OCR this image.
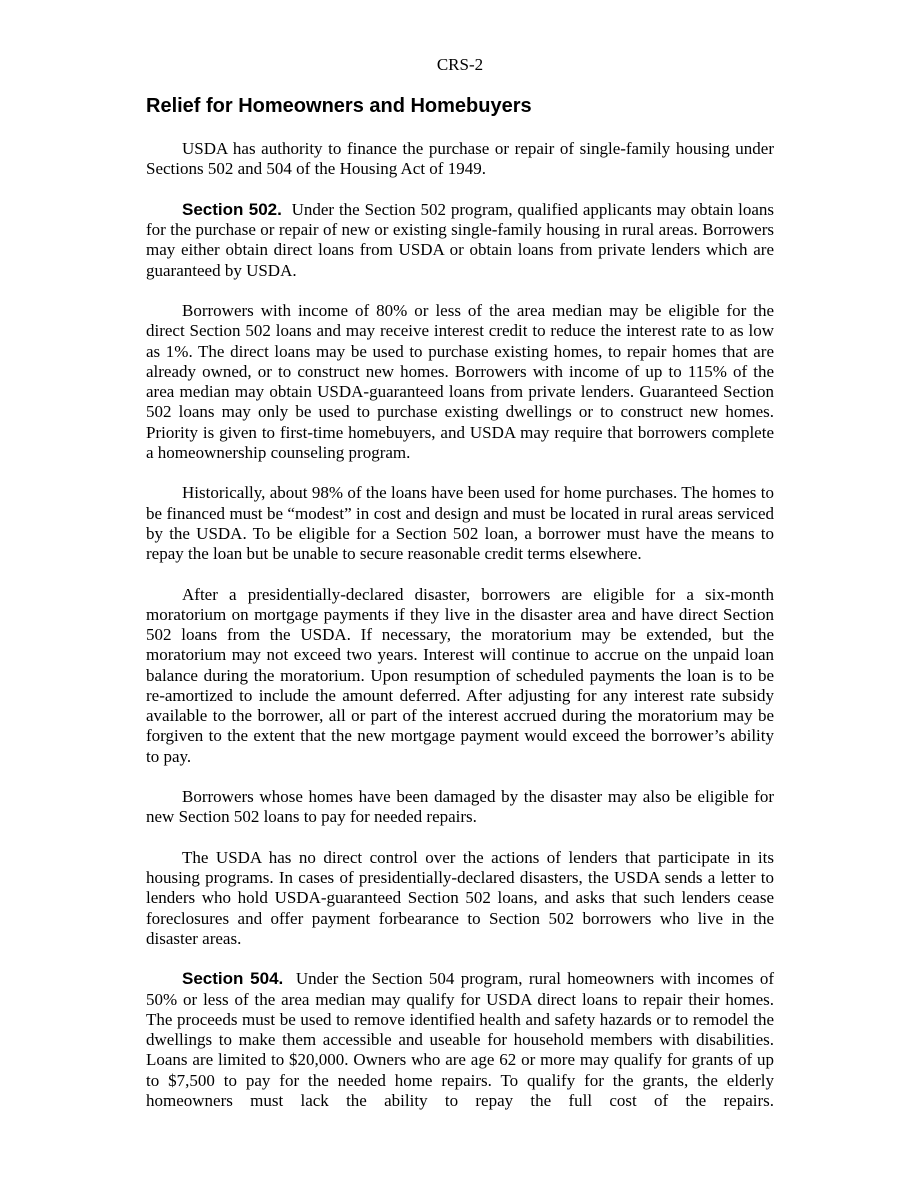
CRS-2
Relief for Homeowners and Homebuyers

USDA has authority to finance the purchase or repair of single-family housing under Sections 502 and 504 of the Housing Act of 1949.

Section 502. Under the Section 502 program, qualified applicants may obtain loans for the purchase or repair of new or existing single-family housing in rural areas. Borrowers may either obtain direct loans from USDA or obtain loans from private lenders which are guaranteed by USDA.

Borrowers with income of 80% or less of the area median may be eligible for the direct Section 502 loans and may receive interest credit to reduce the interest rate to as low as 1%. The direct loans may be used to purchase existing homes, to repair homes that are already owned, or to construct new homes. Borrowers with income of up to 115% of the area median may obtain USDA-guaranteed loans from private lenders. Guaranteed Section 502 loans may only be used to purchase existing dwellings or to construct new homes. Priority is given to first-time homebuyers, and USDA may require that borrowers complete a homeownership counseling program.

Historically, about 98% of the loans have been used for home purchases. The homes to be financed must be “modest” in cost and design and must be located in rural areas serviced by the USDA. To be eligible for a Section 502 loan, a borrower must have the means to repay the loan but be unable to secure reasonable credit terms elsewhere.

After a presidentially-declared disaster, borrowers are eligible for a six-month moratorium on mortgage payments if they live in the disaster area and have direct Section 502 loans from the USDA. If necessary, the moratorium may be extended, but the moratorium may not exceed two years. Interest will continue to accrue on the unpaid loan balance during the moratorium. Upon resumption of scheduled payments the loan is to be re-amortized to include the amount deferred. After adjusting for any interest rate subsidy available to the borrower, all or part of the interest accrued during the moratorium may be forgiven to the extent that the new mortgage payment would exceed the borrower’s ability to pay.

Borrowers whose homes have been damaged by the disaster may also be eligible for new Section 502 loans to pay for needed repairs.

The USDA has no direct control over the actions of lenders that participate in its housing programs. In cases of presidentially-declared disasters, the USDA sends a letter to lenders who hold USDA-guaranteed Section 502 loans, and asks that such lenders cease foreclosures and offer payment forbearance to Section 502 borrowers who live in the disaster areas.

Section 504. Under the Section 504 program, rural homeowners with incomes of 50% or less of the area median may qualify for USDA direct loans to repair their homes. The proceeds must be used to remove identified health and safety hazards or to remodel the dwellings to make them accessible and useable for household members with disabilities. Loans are limited to $20,000. Owners who are age 62 or more may qualify for grants of up to $7,500 to pay for the needed home repairs. To qualify for the grants, the elderly homeowners must lack the ability to repay the full cost of the repairs.
